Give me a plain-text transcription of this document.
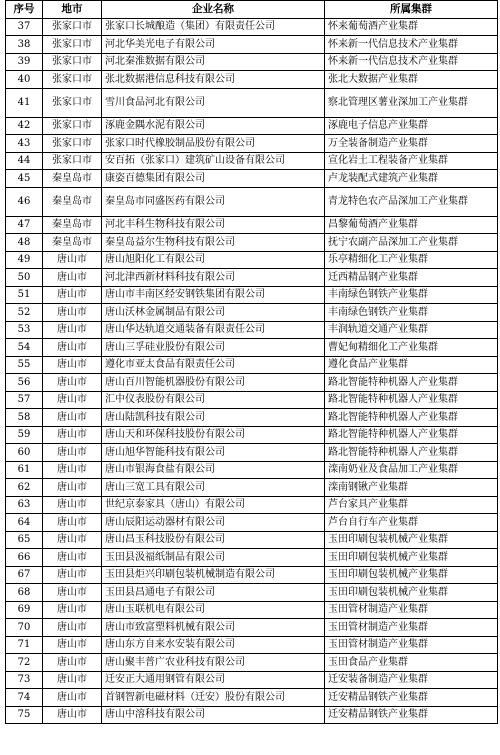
序号	地市	企业名称	所属集群
37	张家口市	张家口长城酿造（集团）有限责任公司	怀来葡萄酒产业集群
38	张家口市	河北华美光电子有限公司	怀来新一代信息技术产业集群
39	张家口市	河北秦淮数据有限公司	怀来新一代信息技术产业集群
40	张家口市	张北数据港信息科技有限公司	张北大数据产业集群
41	张家口市	雪川食品河北有限公司	察北管理区薯业深加工产业集群
42	张家口市	涿鹿金隅水泥有限公司	涿鹿电子信息产业集群
43	张家口市	张家口时代橡胶制品股份有限公司	万全装备制造产业集群
44	张家口市	安百拓（张家口）建筑矿山设备有限公司	宣化岩土工程装备产业集群
45	秦皇岛市	康姿百德集团有限公司	卢龙装配式建筑产业集群
46	秦皇岛市	秦皇岛市同盛医药有限公司	青龙特色农产品深加工产业集群
47	秦皇岛市	河北丰科生物科技有限公司	昌黎葡萄酒产业集群
48	秦皇岛市	秦皇岛益尔生物科技有限公司	抚宁农副产品深加工产业集群
49	唐山市	唐山旭阳化工有限公司	乐亭精细化工产业集群
50	唐山市	河北津西新材料科技有限公司	迁西精品钢产业集群
51	唐山市	唐山市丰南区经安钢铁集团有限公司	丰南绿色钢铁产业集群
52	唐山市	唐山沃林金属制品有限公司	丰南绿色钢铁产业集群
53	唐山市	唐山华达轨道交通装备有限责任公司	丰润轨道交通产业集群
54	唐山市	唐山三孚硅业股份有限公司	曹妃甸精细化工产业集群
55	唐山市	遵化市亚太食品有限责任公司	遵化食品产业集群
56	唐山市	唐山百川智能机器股份有限公司	路北智能特种机器人产业集群
57	唐山市	汇中仪表股份有限公司	路北智能特种机器人产业集群
58	唐山市	唐山陆凯科技有限公司	路北智能特种机器人产业集群
59	唐山市	唐山天和环保科技股份有限公司	路北智能特种机器人产业集群
60	唐山市	唐山旭华智能科技有限公司	路北智能特种机器人产业集群
61	唐山市	唐山市银海食盐有限公司	滦南奶业及食品加工产业集群
62	唐山市	唐山三宽工具有限公司	滦南钢锹产业集群
63	唐山市	世纪京泰家具（唐山）有限公司	芦台家具产业集群
64	唐山市	唐山辰阳运动器材有限公司	芦台自行车产业集群
65	唐山市	唐山昌玉科技股份有限公司	玉田印刷包装机械产业集群
66	唐山市	玉田县汲福纸制品有限公司	玉田印刷包装机械产业集群
67	唐山市	玉田县炬兴印刷包装机械制造有限公司	玉田印刷包装机械产业集群
68	唐山市	玉田县昌通电子有限公司	玉田印刷包装机械产业集群
69	唐山市	唐山玉联机电有限公司	玉田管材制造产业集群
70	唐山市	唐山市致富塑料机械有限公司	玉田管材制造产业集群
71	唐山市	唐山东方自来水安装有限公司	玉田管材制造产业集群
72	唐山市	唐山聚丰普广农业科技有限公司	玉田食品产业集群
73	唐山市	迁安正大通用钢管有限公司	迁安装备制造产业集群
74	唐山市	首钢智新电磁材料（迁安）股份有限公司	迁安精品钢铁产业集群
75	唐山市	唐山中溶科技有限公司	迁安精品钢铁产业集群
